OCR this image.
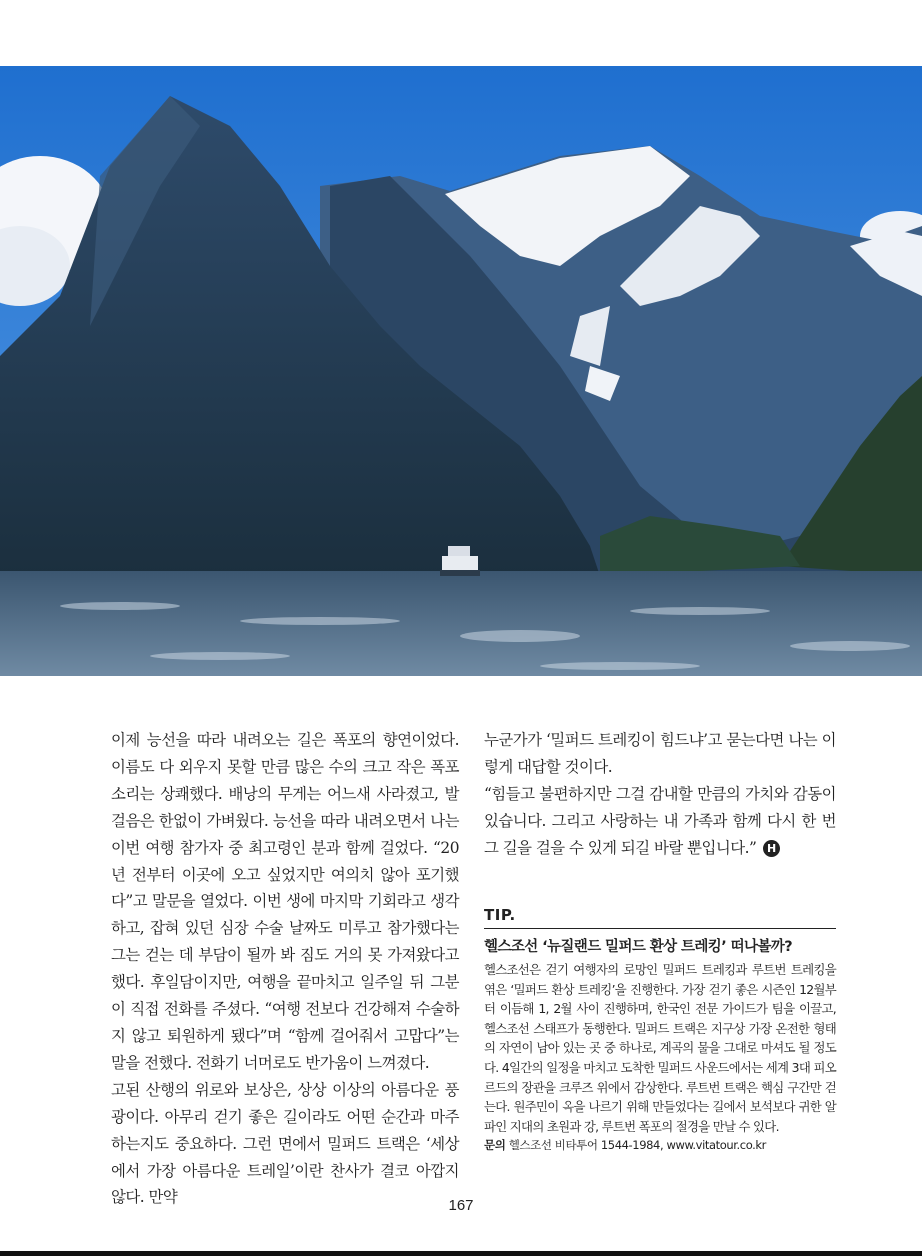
이제 능선을 따라 내려오는 길은 폭포의 향연이었다. 이름도 다 외우지 못할 만큼 많은 수의 크고 작은 폭포 소리는 상쾌했다. 배낭의 무게는 어느새 사라졌고, 발걸음은 한없이 가벼웠다. 능선을 따라 내려오면서 나는 이번 여행 참가자 중 최고령인 분과 함께 걸었다. “20년 전부터 이곳에 오고 싶었지만 여의치 않아 포기했다”고 말문을 열었다. 이번 생에 마지막 기회라고 생각하고, 잡혀 있던 심장 수술 날짜도 미루고 참가했다는 그는 걷는 데 부담이 될까 봐 짐도 거의 못 가져왔다고 했다. 후일담이지만, 여행을 끝마치고 일주일 뒤 그분이 직접 전화를 주셨다. “여행 전보다 건강해져 수술하지 않고 퇴원하게 됐다”며 “함께 걸어줘서 고맙다”는 말을 전했다. 전화기 너머로도 반가움이 느껴졌다.

고된 산행의 위로와 보상은, 상상 이상의 아름다운 풍광이다. 아무리 걷기 좋은 길이라도 어떤 순간과 마주하는지도 중요하다. 그런 면에서 밀퍼드 트랙은 ‘세상에서 가장 아름다운 트레일’이란 찬사가 결코 아깝지 않다. 만약

누군가가 ‘밀퍼드 트레킹이 힘드냐’고 묻는다면 나는 이렇게 대답할 것이다.

“힘들고 불편하지만 그걸 감내할 만큼의 가치와 감동이 있습니다. 그리고 사랑하는 내 가족과 함께 다시 한 번 그 길을 걸을 수 있게 되길 바랄 뿐입니다.” H

TIP.
헬스조선 ‘뉴질랜드 밀퍼드 환상 트레킹’ 떠나볼까?
헬스조선은 걷기 여행자의 로망인 밀퍼드 트레킹과 루트번 트레킹을 엮은 ‘밀퍼드 환상 트레킹’을 진행한다. 가장 걷기 좋은 시즌인 12월부터 이듬해 1, 2월 사이 진행하며, 한국인 전문 가이드가 팀을 이끌고, 헬스조선 스태프가 동행한다. 밀퍼드 트랙은 지구상 가장 온전한 형태의 자연이 남아 있는 곳 중 하나로, 계곡의 물을 그대로 마셔도 될 정도다. 4일간의 일정을 마치고 도착한 밀퍼드 사운드에서는 세계 3대 피오르드의 장관을 크루즈 위에서 감상한다. 루트번 트랙은 핵심 구간만 걷는다. 원주민이 옥을 나르기 위해 만들었다는 길에서 보석보다 귀한 알파인 지대의 초원과 강, 루트번 폭포의 절경을 만날 수 있다.
문의 헬스조선 비타투어 1544-1984, www.vitatour.co.kr
167
